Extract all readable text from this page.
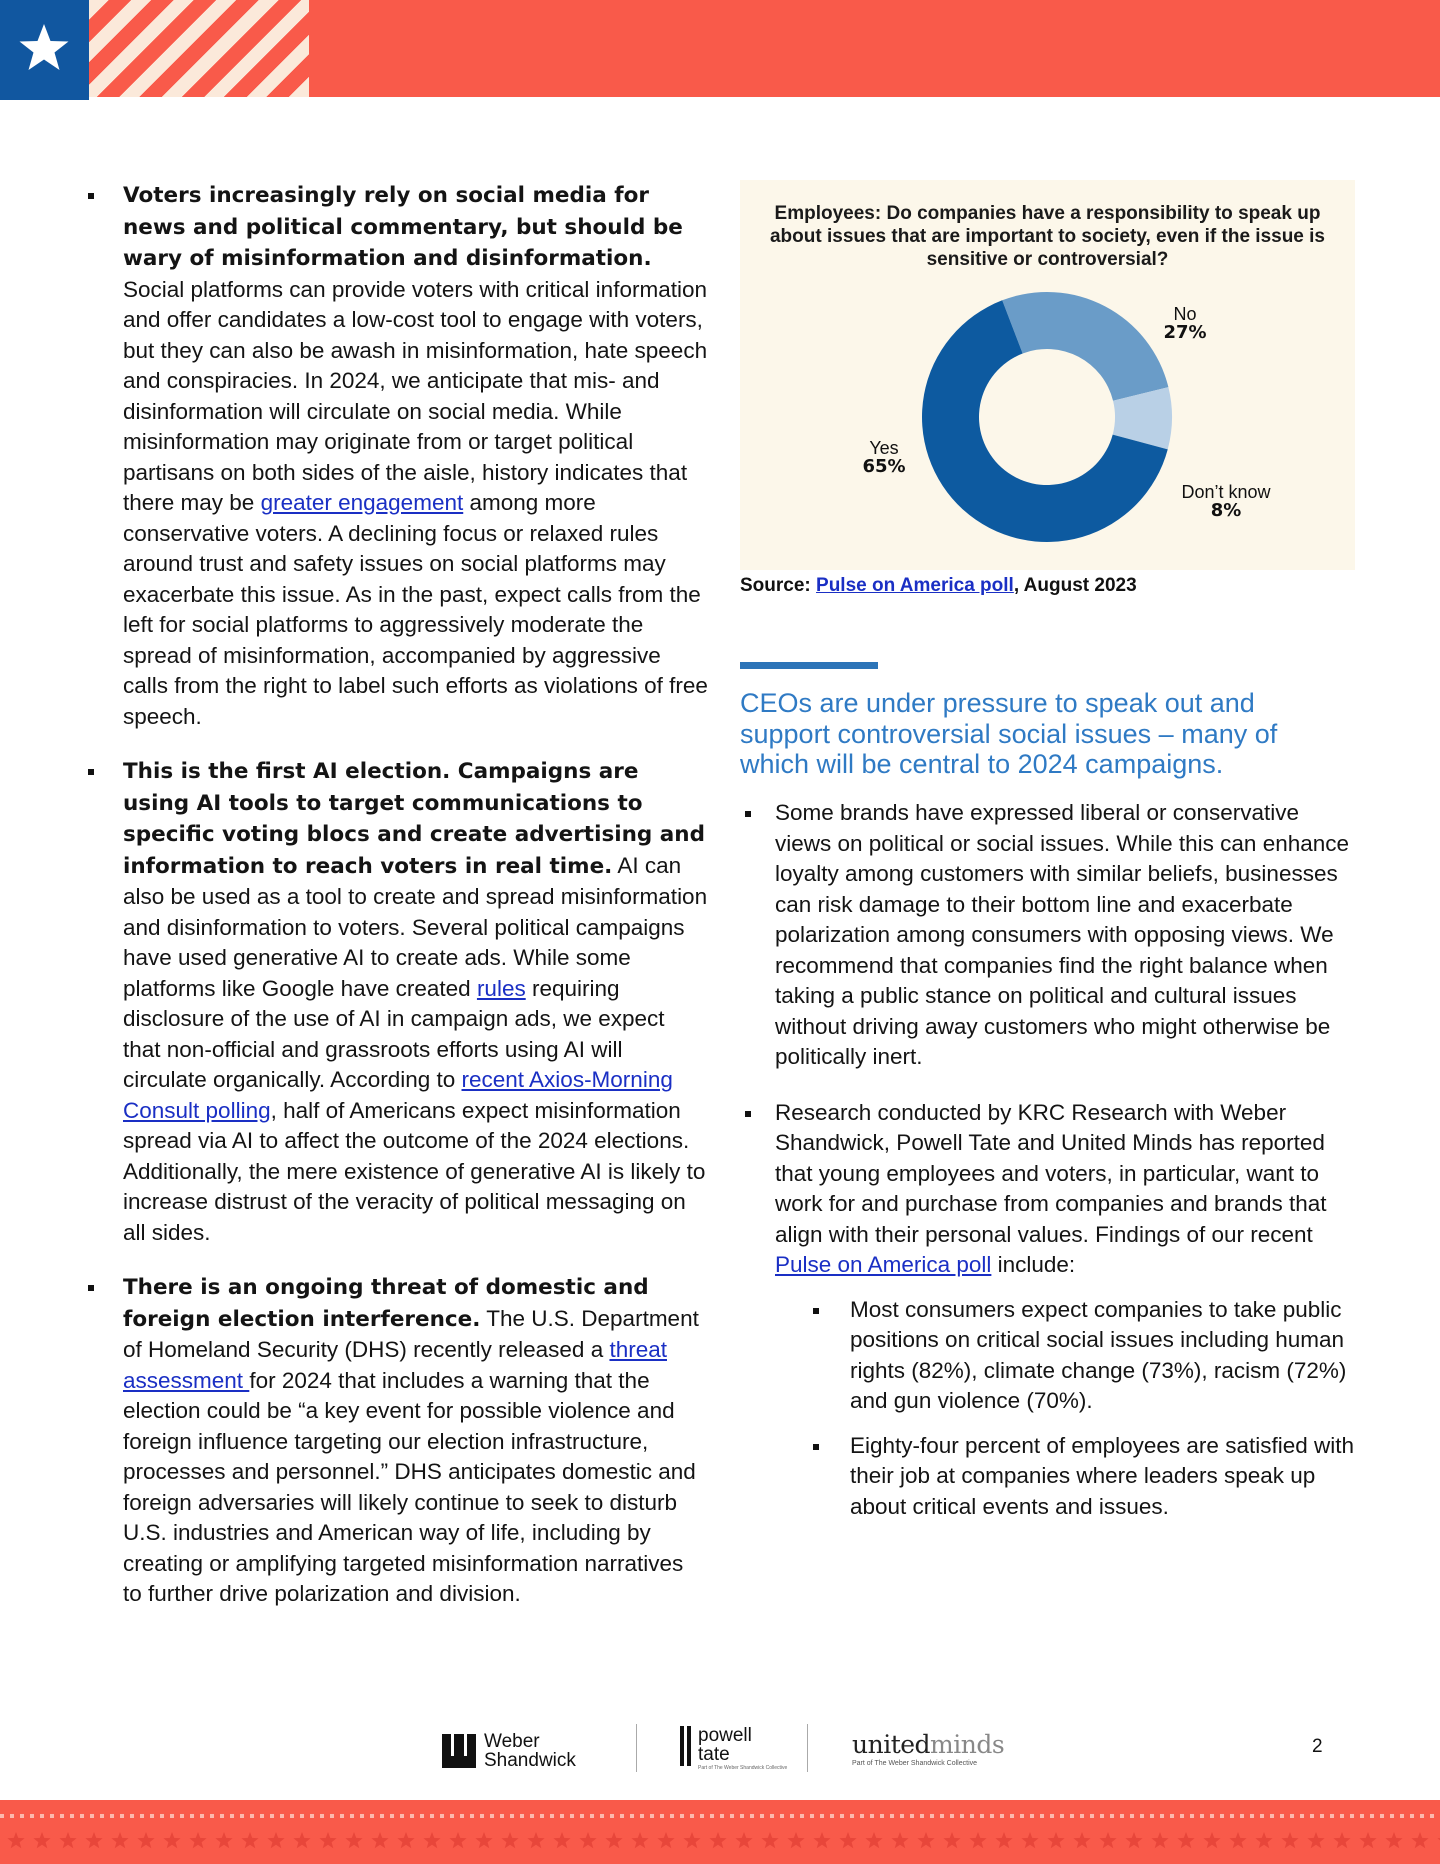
Voters increasingly rely on social media for news and political commentary, but should be wary of misinformation and disinformation. Social platforms can provide voters with critical information and offer candidates a low-cost tool to engage with voters, but they can also be awash in misinformation, hate speech and conspiracies. In 2024, we anticipate that mis- and disinformation will circulate on social media. While misinformation may originate from or target political partisans on both sides of the aisle, history indicates that there may be greater engagement among more conservative voters. A declining focus or relaxed rules around trust and safety issues on social platforms may exacerbate this issue. As in the past, expect calls from the left for social platforms to aggressively moderate the spread of misinformation, accompanied by aggressive calls from the right to label such efforts as violations of free speech.
This is the first AI election. Campaigns are using AI tools to target communications to specific voting blocs and create advertising and information to reach voters in real time. AI can also be used as a tool to create and spread misinformation and disinformation to voters. Several political campaigns have used generative AI to create ads. While some platforms like Google have created rules requiring disclosure of the use of AI in campaign ads, we expect that non-official and grassroots efforts using AI will circulate organically. According to recent Axios-Morning Consult polling, half of Americans expect misinformation spread via AI to affect the outcome of the 2024 elections. Additionally, the mere existence of generative AI is likely to increase distrust of the veracity of political messaging on all sides.
There is an ongoing threat of domestic and foreign election interference. The U.S. Department of Homeland Security (DHS) recently released a threat assessment for 2024 that includes a warning that the election could be “a key event for possible violence and foreign influence targeting our election infrastructure, processes and personnel.” DHS anticipates domestic and foreign adversaries will likely continue to seek to disturb U.S. industries and American way of life, including by creating or amplifying targeted misinformation narratives to further drive polarization and division.
No
27%
Don’t know
8%
Yes
65%
Employees: Do companies have a responsibility to speak up about issues that are important to society, even if the issue is sensitive or controversial?
Source: Pulse on America poll, August 2023
CEOs are under pressure to speak out and support controversial social issues – many of which will be central to 2024 campaigns.
Some brands have expressed liberal or conservative views on political or social issues. While this can enhance loyalty among customers with similar beliefs, businesses can risk damage to their bottom line and exacerbate polarization among consumers with opposing views. We recommend that companies find the right balance when taking a public stance on political and cultural issues without driving away customers who might otherwise be politically inert.
Research conducted by KRC Research with Weber Shandwick, Powell Tate and United Minds has reported that young employees and voters, in particular, want to work for and purchase from companies and brands that align with their personal values. Findings of our recent Pulse on America poll include:
Most consumers expect companies to take public positions on critical social issues including human rights (82%), climate change (73%), racism (72%) and gun violence (70%).
Eighty-four percent of employees are satisfied with their job at companies where leaders speak up about critical events and issues.
Weber
Shandwick
powell
tate
Part of The Weber Shandwick Collective
unitedminds
Part of The Weber Shandwick Collective
2
